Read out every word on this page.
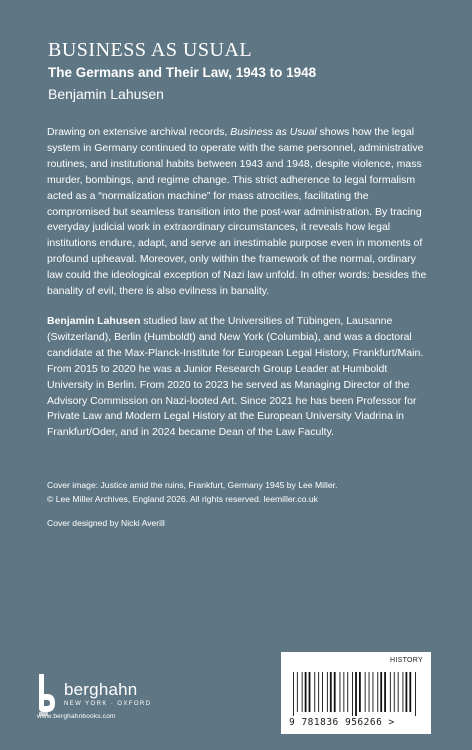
BUSINESS AS USUAL
The Germans and Their Law, 1943 to 1948
Benjamin Lahusen

Drawing on extensive archival records, Business as Usual shows how the legal system in Germany continued to operate with the same personnel, administrative routines, and institutional habits between 1943 and 1948, despite violence, mass murder, bombings, and regime change. This strict adherence to legal formalism acted as a “normalization machine” for mass atrocities, facilitating the compromised but seamless transition into the post-war administration. By tracing everyday judicial work in extraordinary circumstances, it reveals how legal institutions endure, adapt, and serve an inestimable purpose even in moments of profound upheaval. Moreover, only within the framework of the normal, ordinary law could the ideological exception of Nazi law unfold. In other words: besides the banality of evil, there is also evilness in banality.

Benjamin Lahusen studied law at the Universities of Tübingen, Lausanne (Switzerland), Berlin (Humboldt) and New York (Columbia), and was a doctoral candidate at the Max-Planck-Institute for European Legal History, Frankfurt/Main. From 2015 to 2020 he was a Junior Research Group Leader at Humboldt University in Berlin. From 2020 to 2023 he served as Managing Director of the Advisory Commission on Nazi-looted Art. Since 2021 he has been Professor for Private Law and Modern Legal History at the European University Viadrina in Frankfurt/Oder, and in 2024 became Dean of the Law Faculty.

Cover image: Justice amid the ruins, Frankfurt, Germany 1945 by Lee Miller.

© Lee Miller Archives, England 2026. All rights reserved. leemiller.co.uk

Cover designed by Nicki Averill

berghahn
NEW YORK · OXFORD
www.berghahnbooks.com
HISTORY
9 781836 956266 >
